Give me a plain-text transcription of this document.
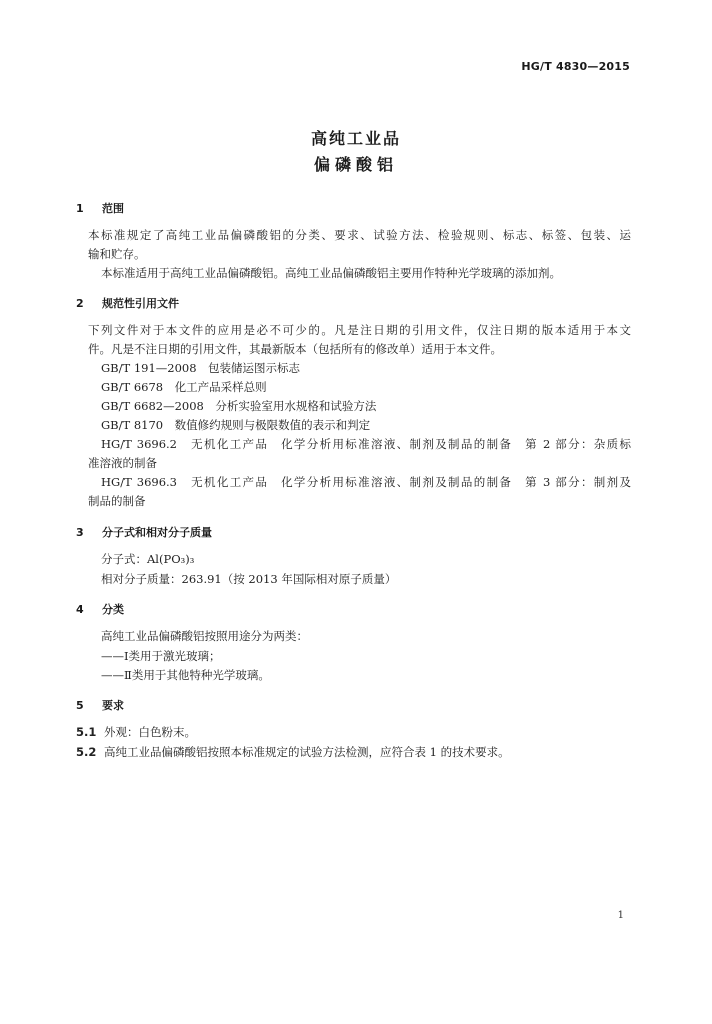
HG/T 4830—2015
高纯工业品
偏磷酸铝
1 范围
本标准规定了高纯工业品偏磷酸铝的分类、要求、试验方法、检验规则、标志、标签、包装、运
输和贮存。
本标准适用于高纯工业品偏磷酸铝。高纯工业品偏磷酸铝主要用作特种光学玻璃的添加剂。
2 规范性引用文件
下列文件对于本文件的应用是必不可少的。凡是注日期的引用文件，仅注日期的版本适用于本文
件。凡是不注日期的引用文件，其最新版本（包括所有的修改单）适用于本文件。
GB/T 191—2008　包装储运图示标志
GB/T 6678　化工产品采样总则
GB/T 6682—2008　分析实验室用水规格和试验方法
GB/T 8170　数值修约规则与极限数值的表示和判定
HG/T 3696.2　无机化工产品　化学分析用标准溶液、制剂及制品的制备　第 2 部分：杂质标
准溶液的制备
HG/T 3696.3　无机化工产品　化学分析用标准溶液、制剂及制品的制备　第 3 部分：制剂及
制品的制备
3 分子式和相对分子质量
分子式：Al(PO₃)₃
相对分子质量：263.91（按 2013 年国际相对原子质量）
4 分类
高纯工业品偏磷酸铝按照用途分为两类：
——Ⅰ类用于激光玻璃；
——Ⅱ类用于其他特种光学玻璃。
5 要求
5.1 外观：白色粉末。
5.2 高纯工业品偏磷酸铝按照本标准规定的试验方法检测，应符合表 1 的技术要求。
1
